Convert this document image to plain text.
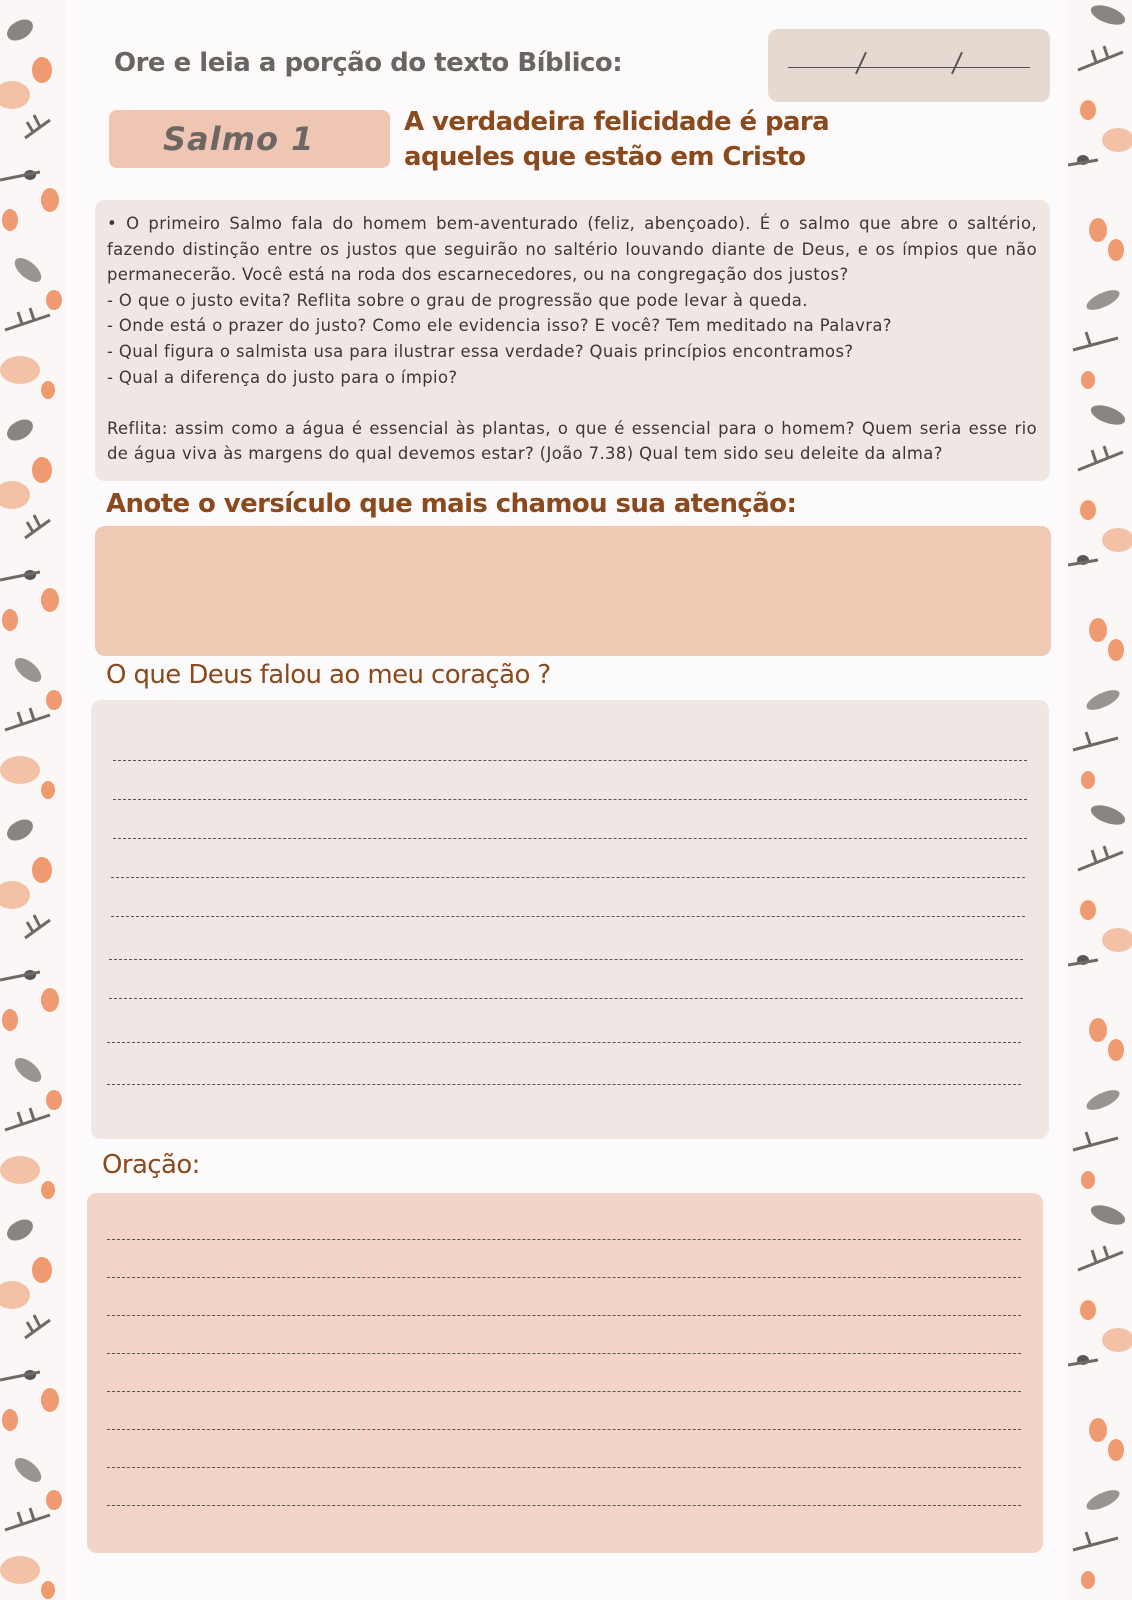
Ore e leia a porção do texto Bíblico:
Salmo 1	A verdadeira felicidade é para aqueles que estão em Cristo

• O primeiro Salmo fala do homem bem-aventurado (feliz, abençoado). É o salmo que abre o saltério, fazendo distinção entre os justos que seguirão no saltério louvando diante de Deus, e os ímpios que não permanecerão. Você está na roda dos escarnecedores, ou na congregação dos justos?

- O que o justo evita? Reflita sobre o grau de progressão que pode levar à queda.

- Onde está o prazer do justo? Como ele evidencia isso? E você? Tem meditado na Palavra?

- Qual figura o salmista usa para ilustrar essa verdade? Quais princípios encontramos?

- Qual a diferença do justo para o ímpio?

Reflita: assim como a água é essencial às plantas, o que é essencial para o homem? Quem seria esse rio de água viva às margens do qual devemos estar? (João 7.38) Qual tem sido seu deleite da alma?

Anote o versículo que mais chamou sua atenção:
O que Deus falou ao meu coração ?
Oração:
